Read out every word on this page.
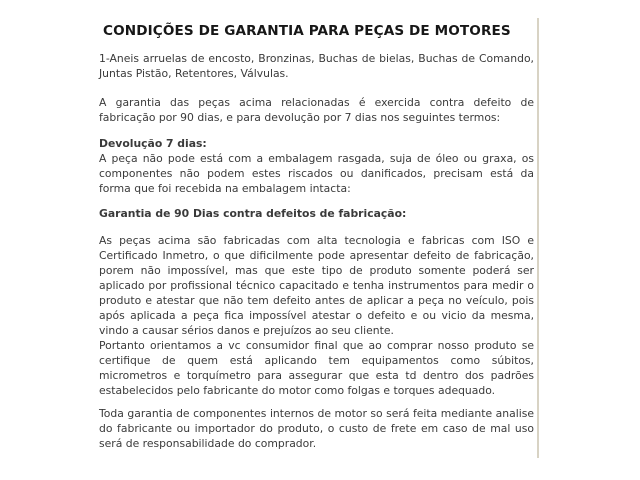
CONDIÇÕES DE GARANTIA PARA PEÇAS DE MOTORES
1-Aneis arruelas de encosto, Bronzinas, Buchas de bielas, Buchas de Comando, Juntas Pistão, Retentores, Válvulas.
A garantia das peças acima relacionadas é exercida contra defeito de fabricação por 90 dias, e para devolução por 7 dias nos seguintes termos:
Devolução 7 dias:
A peça não pode está com a embalagem rasgada, suja de óleo ou graxa, os componentes não podem estes riscados ou danificados, precisam está da forma que foi recebida na embalagem intacta:
Garantia de 90 Dias contra defeitos de fabricação:

As peças acima são fabricadas com alta tecnologia e fabricas com ISO e Certificado Inmetro, o que dificilmente pode apresentar defeito de fabricação, porem não impossível, mas que este tipo de produto somente poderá ser aplicado por profissional técnico capacitado e tenha instrumentos para medir o produto e atestar que não tem defeito antes de aplicar a peça no veículo, pois após aplicada a peça fica impossível atestar o defeito e ou vicio da mesma, vindo a causar sérios danos e prejuízos ao seu cliente.

Portanto orientamos a vc consumidor final que ao comprar nosso produto se certifique de quem está aplicando tem equipamentos como súbitos, micrometros e torquímetro para assegurar que esta td dentro dos padrões estabelecidos pelo fabricante do motor como folgas e torques adequado.

Toda garantia de componentes internos de motor so será feita mediante analise do fabricante ou importador do produto, o custo de frete em caso de mal uso será de responsabilidade do comprador.
